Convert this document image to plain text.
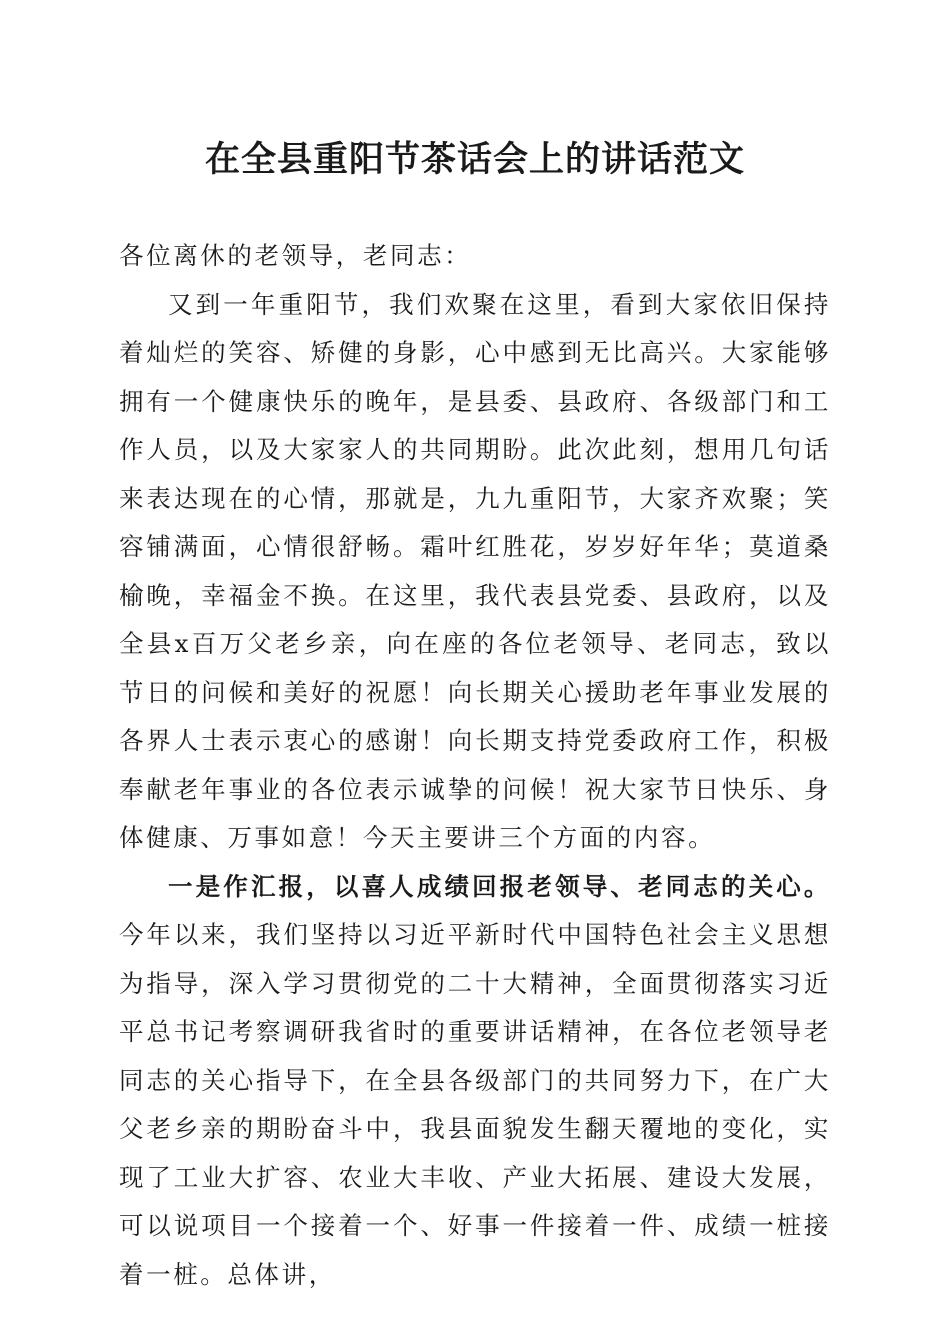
在全县重阳节茶话会上的讲话范文

各位离休的老领导，老同志：

又到一年重阳节，我们欢聚在这里，看到大家依旧保持着灿烂的笑容、矫健的身影，心中感到无比高兴。大家能够拥有一个健康快乐的晚年，是县委、县政府、各级部门和工作人员，以及大家家人的共同期盼。此次此刻，想用几句话来表达现在的心情，那就是，九九重阳节，大家齐欢聚；笑容铺满面，心情很舒畅。霜叶红胜花，岁岁好年华；莫道桑榆晚，幸福金不换。在这里，我代表县党委、县政府，以及全县x百万父老乡亲，向在座的各位老领导、老同志，致以节日的问候和美好的祝愿！向长期关心援助老年事业发展的各界人士表示衷心的感谢！向长期支持党委政府工作，积极奉献老年事业的各位表示诚挚的问候！祝大家节日快乐、身体健康、万事如意！今天主要讲三个方面的内容。

一是作汇报，以喜人成绩回报老领导、老同志的关心。今年以来，我们坚持以习近平新时代中国特色社会主义思想为指导，深入学习贯彻党的二十大精神，全面贯彻落实习近平总书记考察调研我省时的重要讲话精神，在各位老领导老同志的关心指导下，在全县各级部门的共同努力下，在广大父老乡亲的期盼奋斗中，我县面貌发生翻天覆地的变化，实现了工业大扩容、农业大丰收、产业大拓展、建设大发展，可以说项目一个接着一个、好事一件接着一件、成绩一桩接着一桩。总体讲，
